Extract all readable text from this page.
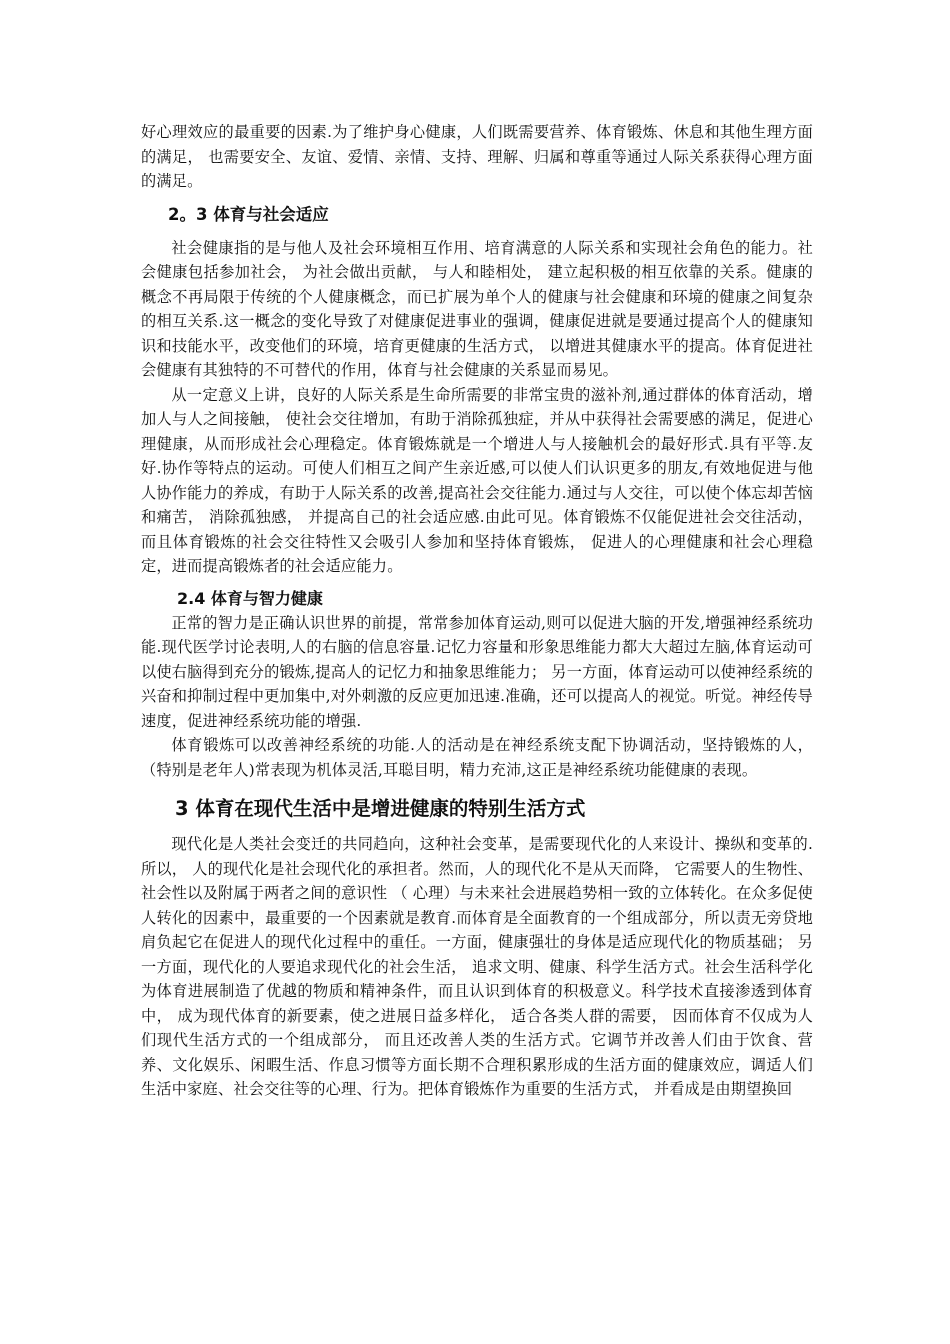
好心理效应的最重要的因素.为了维护身心健康，人们既需要营养、体育锻炼、休息和其他生理方面的满足， 也需要安全、友谊、爱情、亲情、支持、理解、归属和尊重等通过人际关系获得心理方面的满足。

2。3 体育与社会适应

社会健康指的是与他人及社会环境相互作用、培育满意的人际关系和实现社会角色的能力。社会健康包括参加社会， 为社会做出贡献， 与人和睦相处， 建立起积极的相互依靠的关系。健康的概念不再局限于传统的个人健康概念，而已扩展为单个人的健康与社会健康和环境的健康之间复杂的相互关系.这一概念的变化导致了对健康促进事业的强调，健康促进就是要通过提高个人的健康知识和技能水平，改变他们的环境，培育更健康的生活方式， 以增进其健康水平的提高。体育促进社会健康有其独特的不可替代的作用，体育与社会健康的关系显而易见。

从一定意义上讲，良好的人际关系是生命所需要的非常宝贵的滋补剂,通过群体的体育活动，增加人与人之间接触， 使社会交往增加，有助于消除孤独症，并从中获得社会需要感的满足，促进心理健康，从而形成社会心理稳定。体育锻炼就是一个增进人与人接触机会的最好形式.具有平等.友好.协作等特点的运动。可使人们相互之间产生亲近感,可以使人们认识更多的朋友,有效地促进与他人协作能力的养成，有助于人际关系的改善,提高社会交往能力.通过与人交往，可以使个体忘却苦恼和痛苦， 消除孤独感， 并提高自己的社会适应感.由此可见。体育锻炼不仅能促进社会交往活动， 而且体育锻炼的社会交往特性又会吸引人参加和坚持体育锻炼， 促进人的心理健康和社会心理稳定，进而提高锻炼者的社会适应能力。

2.4 体育与智力健康

正常的智力是正确认识世界的前提，常常参加体育运动,则可以促进大脑的开发,增强神经系统功能.现代医学讨论表明,人的右脑的信息容量.记忆力容量和形象思维能力都大大超过左脑,体育运动可以使右脑得到充分的锻炼,提高人的记忆力和抽象思维能力； 另一方面，体育运动可以使神经系统的兴奋和抑制过程中更加集中,对外刺激的反应更加迅速.准确，还可以提高人的视觉。听觉。神经传导速度，促进神经系统功能的增强.

体育锻炼可以改善神经系统的功能.人的活动是在神经系统支配下协调活动，坚持锻炼的人，（特别是老年人)常表现为机体灵活,耳聪目明，精力充沛,这正是神经系统功能健康的表现。

3 体育在现代生活中是增进健康的特别生活方式

现代化是人类社会变迁的共同趋向，这种社会变革，是需要现代化的人来设计、操纵和变革的.所以， 人的现代化是社会现代化的承担者。然而，人的现代化不是从天而降， 它需要人的生物性、社会性以及附属于两者之间的意识性 （ 心理）与未来社会进展趋势相一致的立体转化。在众多促使人转化的因素中，最重要的一个因素就是教育.而体育是全面教育的一个组成部分，所以责无旁贷地肩负起它在促进人的现代化过程中的重任。一方面，健康强壮的身体是适应现代化的物质基础； 另一方面，现代化的人要追求现代化的社会生活， 追求文明、健康、科学生活方式。社会生活科学化为体育进展制造了优越的物质和精神条件，而且认识到体育的积极意义。科学技术直接渗透到体育中， 成为现代体育的新要素，使之进展日益多样化， 适合各类人群的需要， 因而体育不仅成为人们现代生活方式的一个组成部分， 而且还改善人类的生活方式。它调节并改善人们由于饮食、营养、文化娱乐、闲暇生活、作息习惯等方面长期不合理积累形成的生活方面的健康效应，调适人们生活中家庭、社会交往等的心理、行为。把体育锻炼作为重要的生活方式， 并看成是由期望换回
